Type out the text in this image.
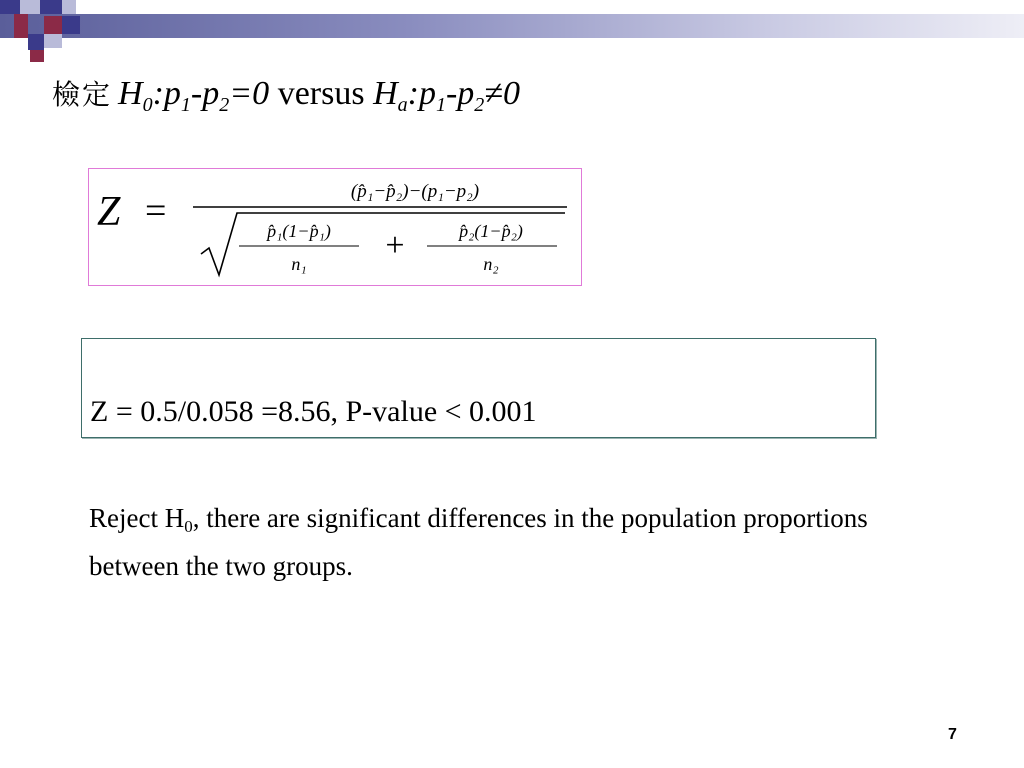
檢定 $H_0:p_1-p_2=0$ versus $H_a:p_1-p_2\ne 0$
Z =	(p̂₁−p̂₂)−(p₁−p₂)
p̂₁(1−p̂₁)
n₁ +	p̂₂(1−p̂₂)
n₂
Z = 0.5/0.058 =8.56, P-value < 0.001
Reject $H_0$, there are significant differences in the population proportions between the two groups.
7
